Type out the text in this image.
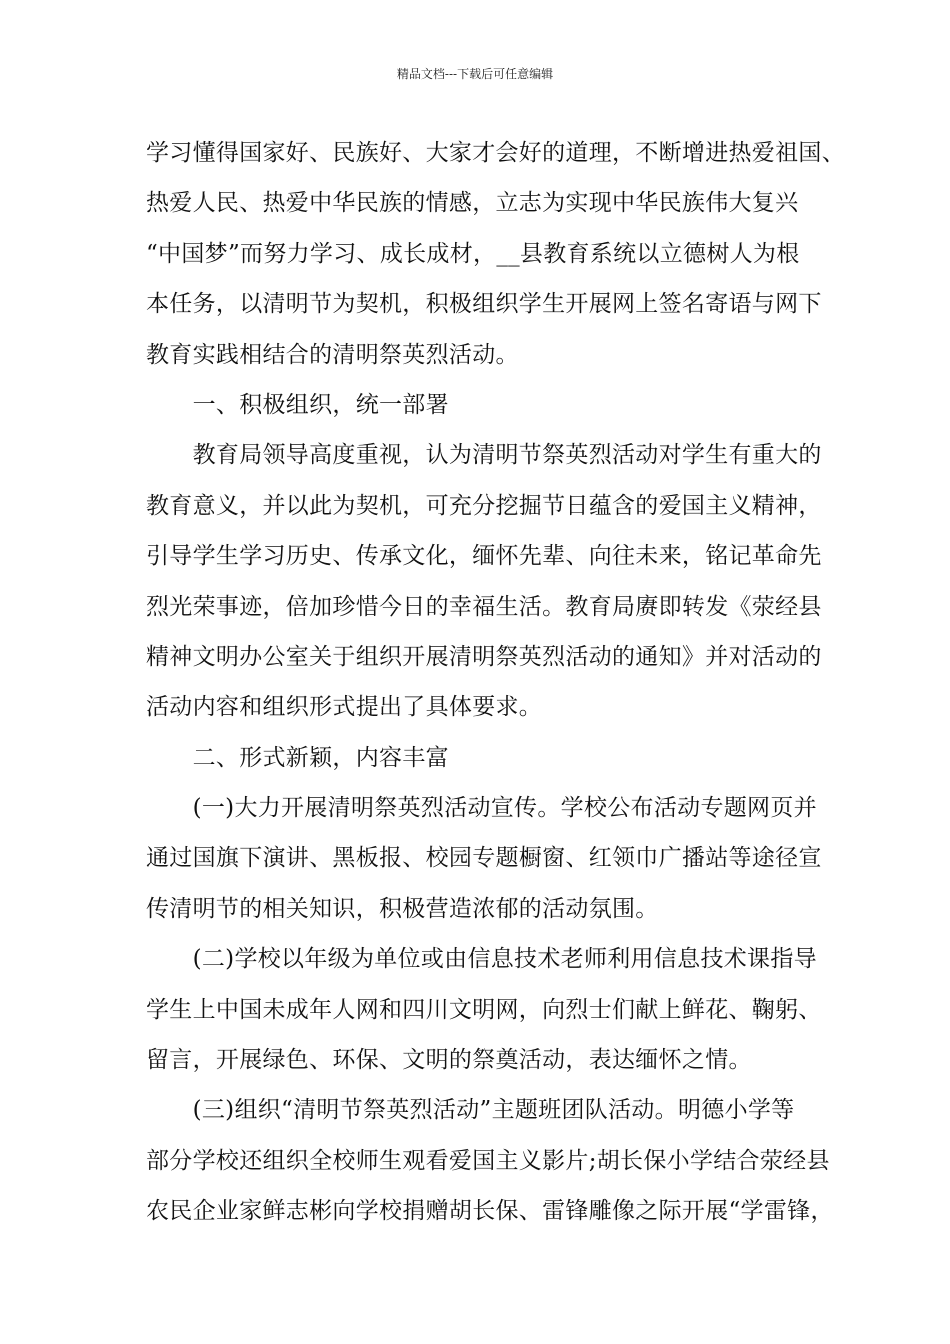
精品文档---下载后可任意编辑
学习懂得国家好、民族好、大家才会好的道理，不断增进热爱祖国、
热爱人民、热爱中华民族的情感，立志为实现中华民族伟大复兴
“中国梦”而努力学习、成长成材，__县教育系统以立德树人为根
本任务，以清明节为契机，积极组织学生开展网上签名寄语与网下
教育实践相结合的清明祭英烈活动。
　　一、积极组织，统一部署
　　教育局领导高度重视，认为清明节祭英烈活动对学生有重大的
教育意义，并以此为契机，可充分挖掘节日蕴含的爱国主义精神，
引导学生学习历史、传承文化，缅怀先辈、向往未来，铭记革命先
烈光荣事迹，倍加珍惜今日的幸福生活。教育局赓即转发《荥经县
精神文明办公室关于组织开展清明祭英烈活动的通知》并对活动的
活动内容和组织形式提出了具体要求。
　　二、形式新颖，内容丰富
　　(一)大力开展清明祭英烈活动宣传。学校公布活动专题网页并
通过国旗下演讲、黑板报、校园专题橱窗、红领巾广播站等途径宣
传清明节的相关知识，积极营造浓郁的活动氛围。
　　(二)学校以年级为单位或由信息技术老师利用信息技术课指导
学生上中国未成年人网和四川文明网，向烈士们献上鲜花、鞠躬、
留言，开展绿色、环保、文明的祭奠活动，表达缅怀之情。
　　(三)组织“清明节祭英烈活动”主题班团队活动。明德小学等
部分学校还组织全校师生观看爱国主义影片;胡长保小学结合荥经县
农民企业家鲜志彬向学校捐赠胡长保、雷锋雕像之际开展“学雷锋，
